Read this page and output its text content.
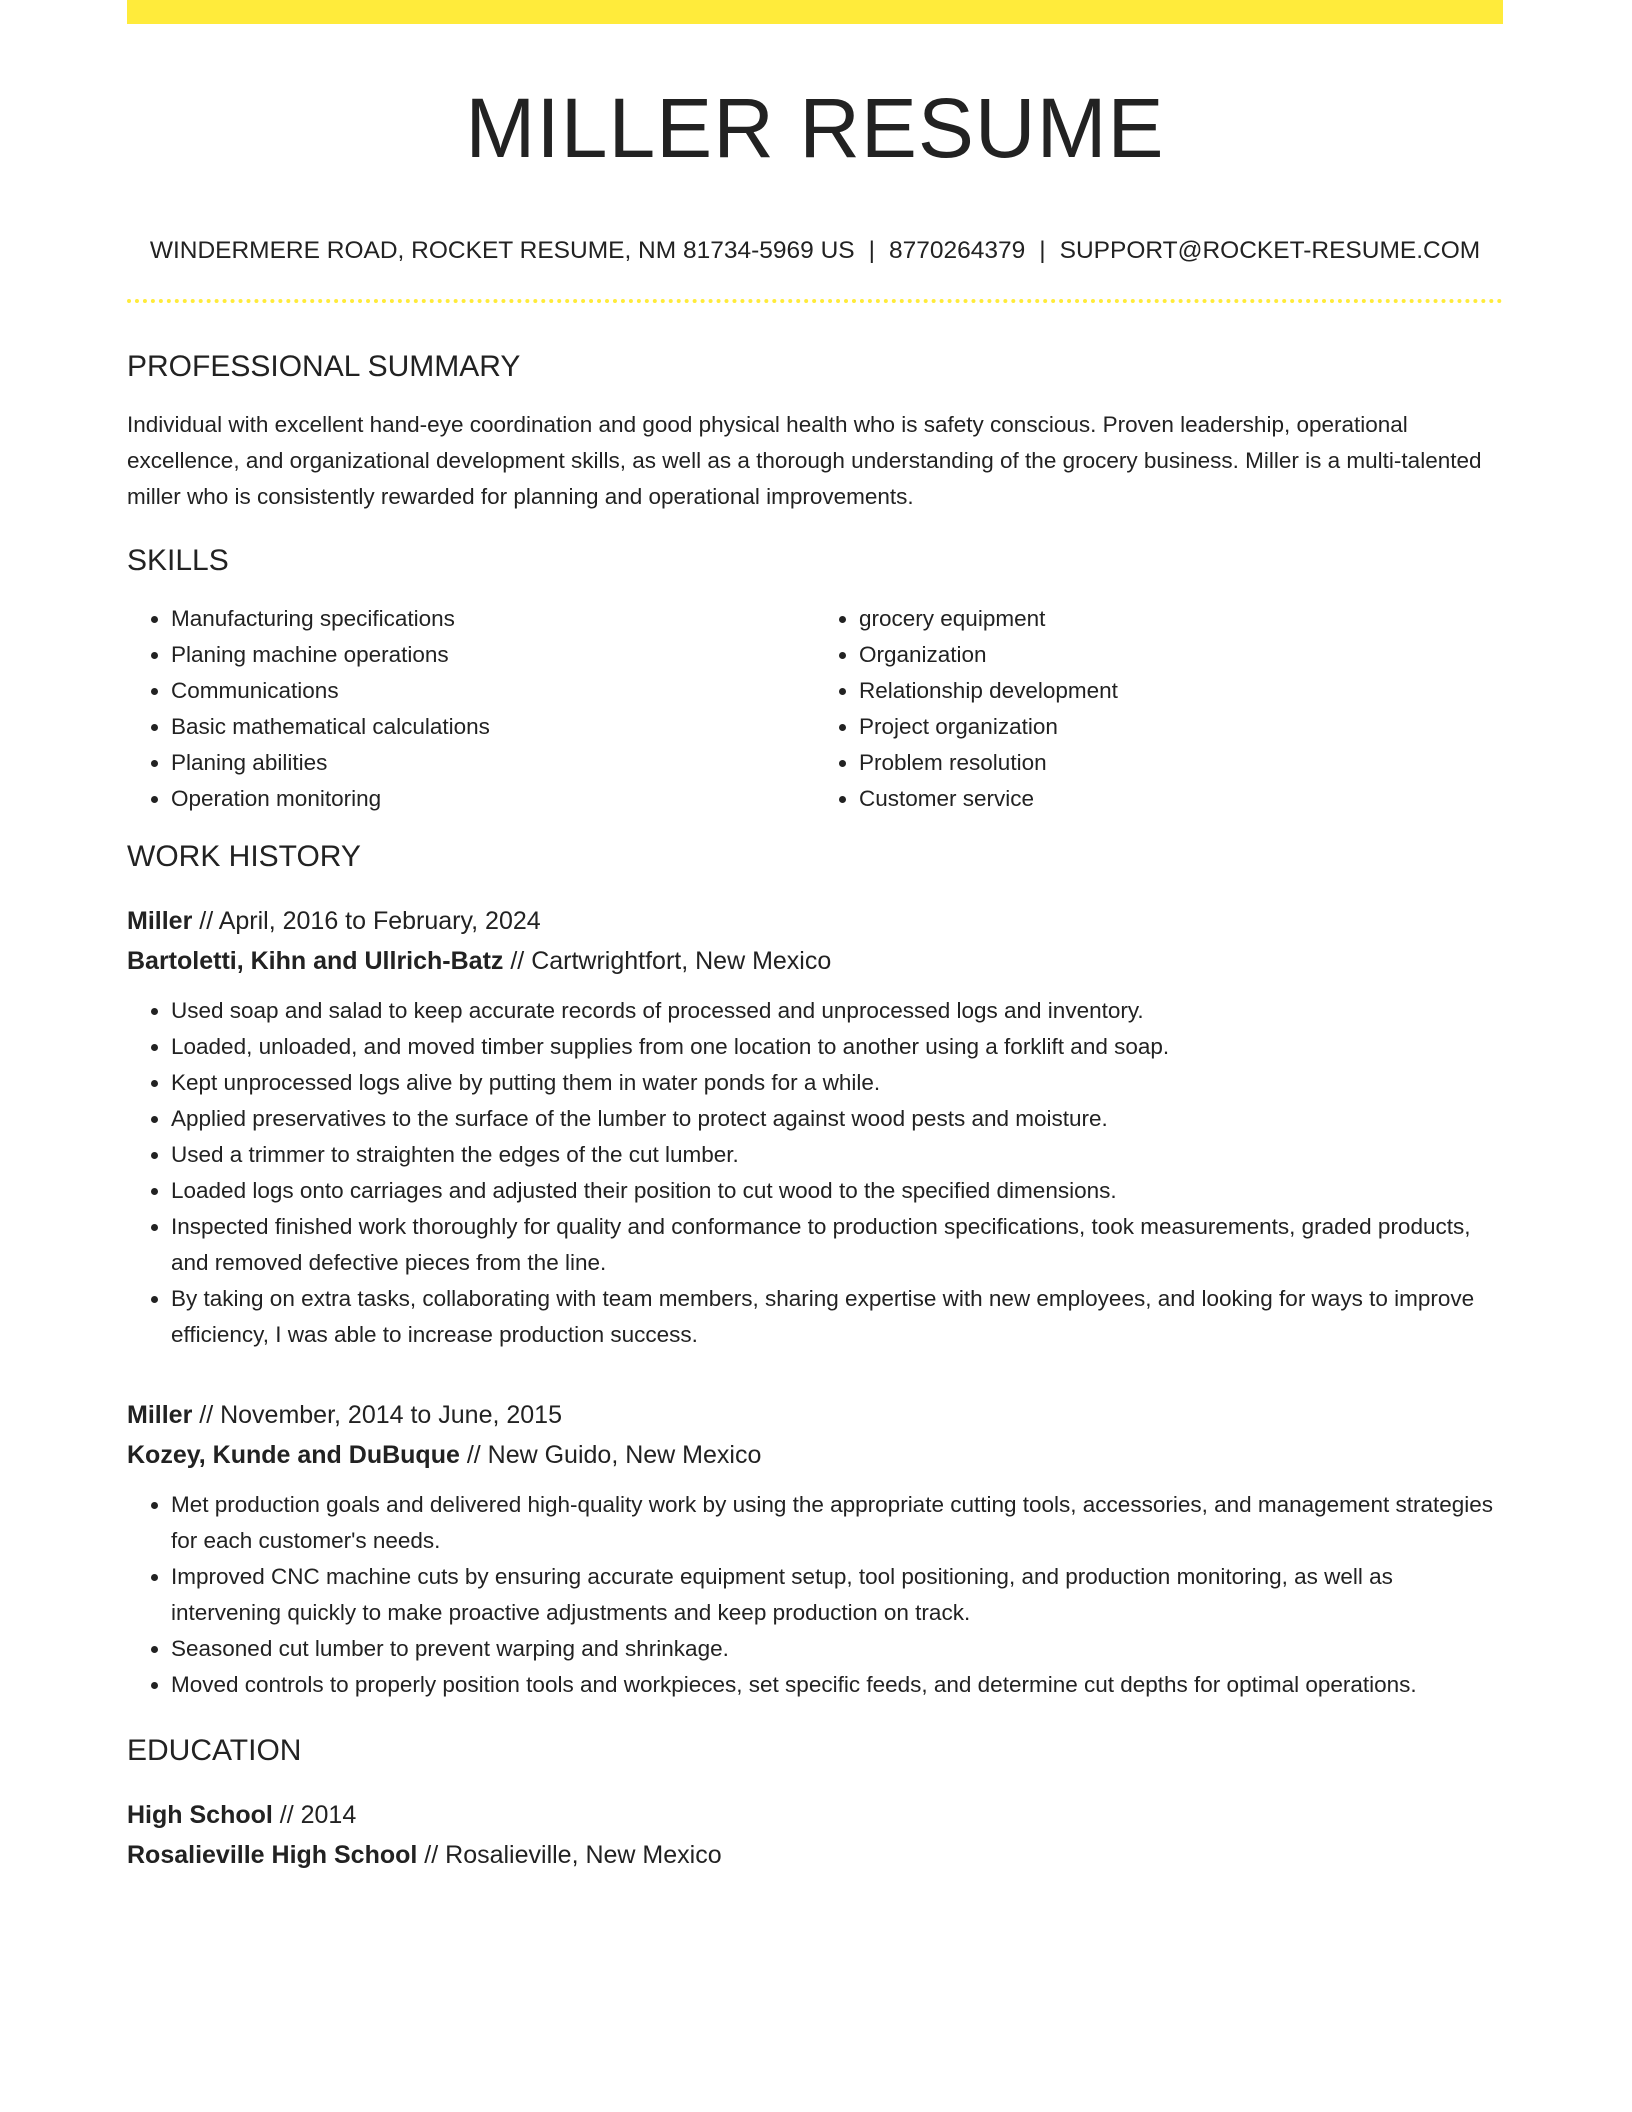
MILLER RESUME
WINDERMERE ROAD, ROCKET RESUME, NM 81734-5969 US | 8770264379 | SUPPORT@ROCKET-RESUME.COM
PROFESSIONAL SUMMARY
Individual with excellent hand-eye coordination and good physical health who is safety conscious. Proven leadership, operational excellence, and organizational development skills, as well as a thorough understanding of the grocery business. Miller is a multi-talented miller who is consistently rewarded for planning and operational improvements.
SKILLS
• Manufacturing specifications
• Planing machine operations
• Communications
• Basic mathematical calculations
• Planing abilities
• Operation monitoring
• grocery equipment
• Organization
• Relationship development
• Project organization
• Problem resolution
• Customer service
WORK HISTORY
Miller // April, 2016 to February, 2024
Bartoletti, Kihn and Ullrich-Batz // Cartwrightfort, New Mexico
• Used soap and salad to keep accurate records of processed and unprocessed logs and inventory.
• Loaded, unloaded, and moved timber supplies from one location to another using a forklift and soap.
• Kept unprocessed logs alive by putting them in water ponds for a while.
• Applied preservatives to the surface of the lumber to protect against wood pests and moisture.
• Used a trimmer to straighten the edges of the cut lumber.
• Loaded logs onto carriages and adjusted their position to cut wood to the specified dimensions.
• Inspected finished work thoroughly for quality and conformance to production specifications, took measurements, graded products, and removed defective pieces from the line.
• By taking on extra tasks, collaborating with team members, sharing expertise with new employees, and looking for ways to improve efficiency, I was able to increase production success.
Miller // November, 2014 to June, 2015
Kozey, Kunde and DuBuque // New Guido, New Mexico
• Met production goals and delivered high-quality work by using the appropriate cutting tools, accessories, and management strategies for each customer's needs.
• Improved CNC machine cuts by ensuring accurate equipment setup, tool positioning, and production monitoring, as well as intervening quickly to make proactive adjustments and keep production on track.
• Seasoned cut lumber to prevent warping and shrinkage.
• Moved controls to properly position tools and workpieces, set specific feeds, and determine cut depths for optimal operations.
EDUCATION
High School // 2014
Rosalieville High School // Rosalieville, New Mexico
